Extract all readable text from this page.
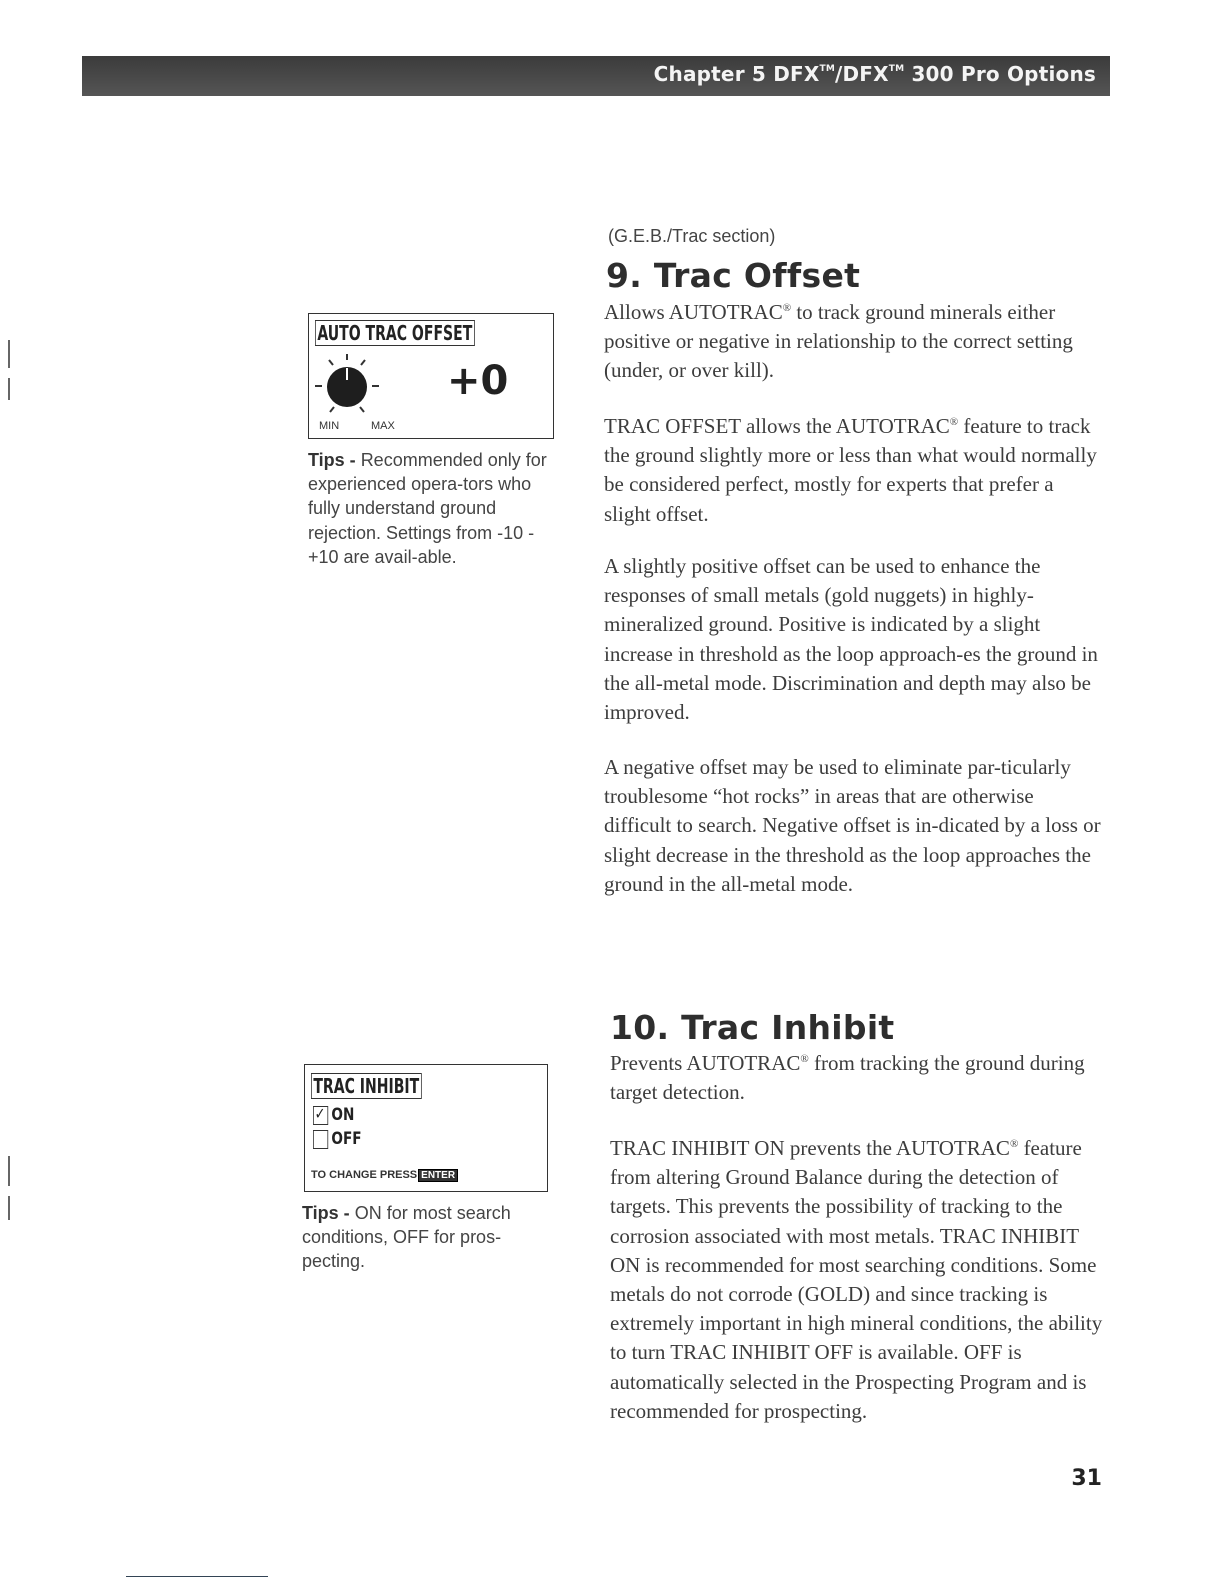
Chapter 5 DFX™/DFX™ 300 Pro Options
(G.E.B./Trac section)
9. Trac Offset
AUTO TRAC OFFSET
+0
MIN	MAX

Tips - Recommended only for experienced opera-tors who fully understand ground rejection. Settings from -10 - +10 are avail-able.

Allows AUTOTRAC® to track ground minerals either positive or negative in relationship to the correct setting (under, or over kill).

TRAC OFFSET allows the AUTOTRAC® feature to track the ground slightly more or less than what would normally be considered perfect, mostly for experts that prefer a slight offset.

A slightly positive offset can be used to enhance the responses of small metals (gold nuggets) in highly-mineralized ground. Positive is indicated by a slight increase in threshold as the loop approach-es the ground in the all-metal mode. Discrimination and depth may also be improved.

A negative offset may be used to eliminate par-ticularly troublesome “hot rocks” in areas that are otherwise difficult to search. Negative offset is in-dicated by a loss or slight decrease in the threshold as the loop approaches the ground in the all-metal mode.

10. Trac Inhibit
TRAC INHIBIT
✓ ON
OFF
TO CHANGE PRESS ENTER

Tips - ON for most search conditions, OFF for pros-pecting.

Prevents AUTOTRAC® from tracking the ground during target detection.

TRAC INHIBIT ON prevents the AUTOTRAC® feature from altering Ground Balance during the detection of targets. This prevents the possibility of tracking to the corrosion associated with most metals. TRAC INHIBIT ON is recommended for most searching conditions. Some metals do not corrode (GOLD) and since tracking is extremely important in high mineral conditions, the ability to turn TRAC INHIBIT OFF is available. OFF is automatically selected in the Prospecting Program and is recommended for prospecting.

31
